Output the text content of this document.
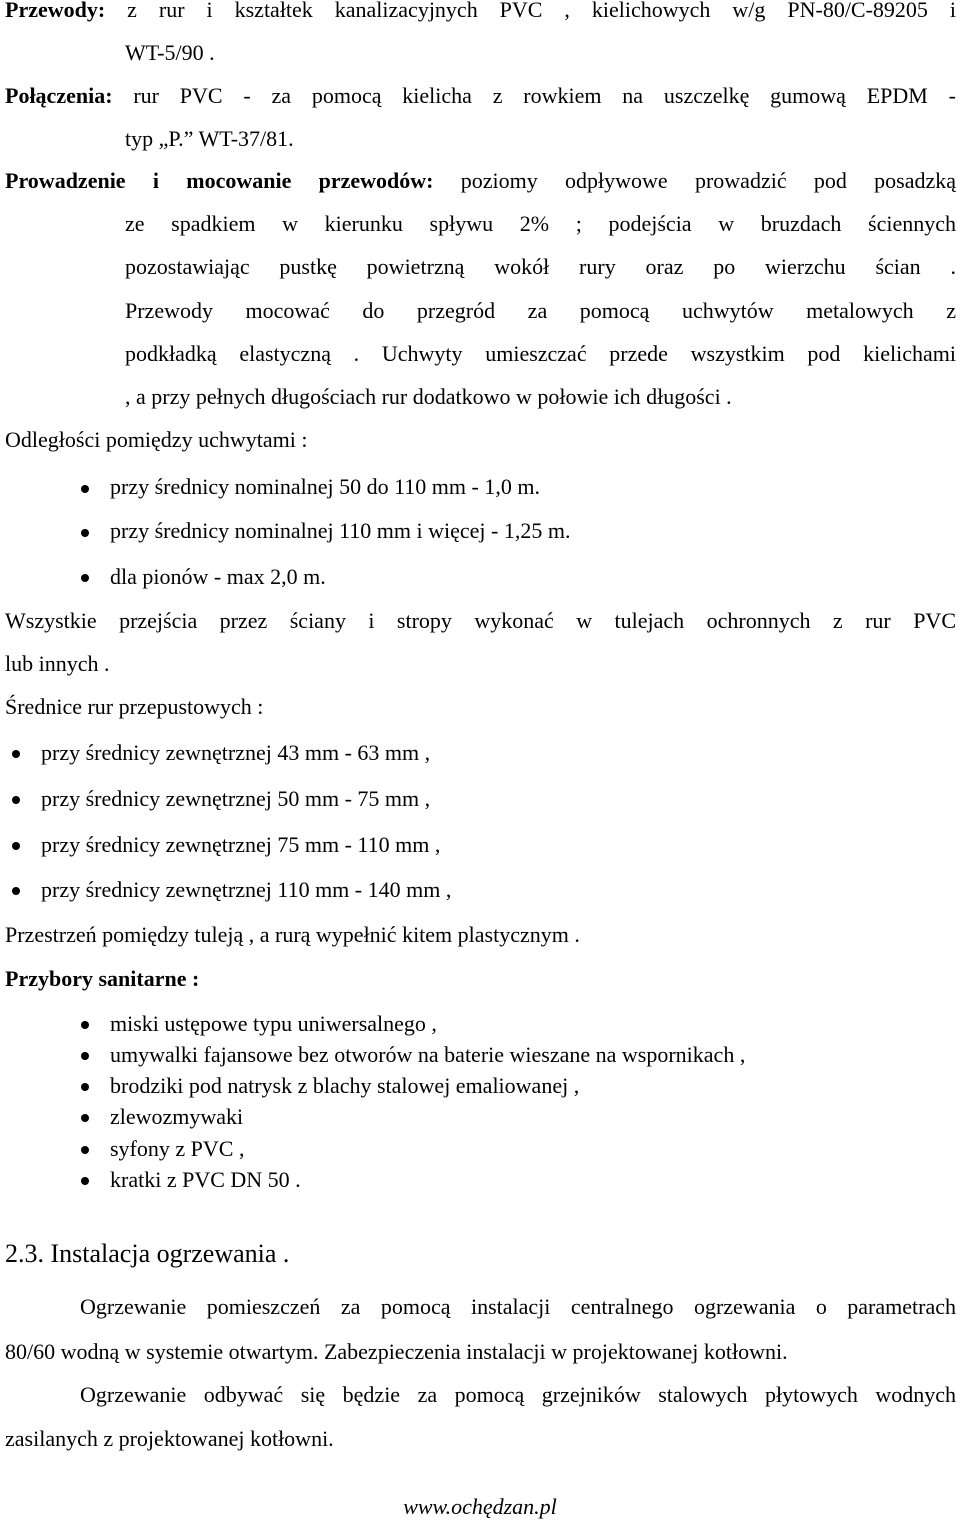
Przewody: z rur i kształtek kanalizacyjnych PVC , kielichowych w/g PN-80/C-89205 i
WT-5/90 .
Połączenia: rur PVC - za pomocą kielicha z rowkiem na uszczelkę gumową EPDM -
typ „P.” WT-37/81.
Prowadzenie i mocowanie przewodów: poziomy odpływowe prowadzić pod posadzką
ze spadkiem w kierunku spływu 2% ; podejścia w bruzdach ściennych
pozostawiając pustkę powietrzną wokół rury oraz po wierzchu ścian .
Przewody mocować do przegród za pomocą uchwytów metalowych z
podkładką elastyczną . Uchwyty umieszczać przede wszystkim pod kielichami
, a przy pełnych długościach rur dodatkowo w połowie ich długości .
Odległości pomiędzy uchwytami :
przy średnicy nominalnej 50 do 110 mm - 1,0 m.
przy średnicy nominalnej 110 mm i więcej - 1,25 m.
dla pionów - max 2,0 m.
Wszystkie przejścia przez ściany i stropy wykonać w tulejach ochronnych z rur PVC
lub innych .
Średnice rur przepustowych :
przy średnicy zewnętrznej 43 mm - 63 mm ,
przy średnicy zewnętrznej 50 mm - 75 mm ,
przy średnicy zewnętrznej 75 mm - 110 mm ,
przy średnicy zewnętrznej 110 mm - 140 mm ,
Przestrzeń pomiędzy tuleją , a rurą wypełnić kitem plastycznym .
Przybory sanitarne :
miski ustępowe typu uniwersalnego ,
umywalki fajansowe bez otworów na baterie wieszane na wspornikach ,
brodziki pod natrysk z blachy stalowej emaliowanej ,
zlewozmywaki
syfony z PVC ,
kratki z PVC DN 50 .
2.3. Instalacja ogrzewania .
Ogrzewanie pomieszczeń za pomocą instalacji centralnego ogrzewania o parametrach
80/60 wodną w systemie otwartym. Zabezpieczenia instalacji w projektowanej kotłowni.
Ogrzewanie odbywać się będzie za pomocą grzejników stalowych płytowych wodnych
zasilanych z projektowanej kotłowni.
www.ochędzan.pl
